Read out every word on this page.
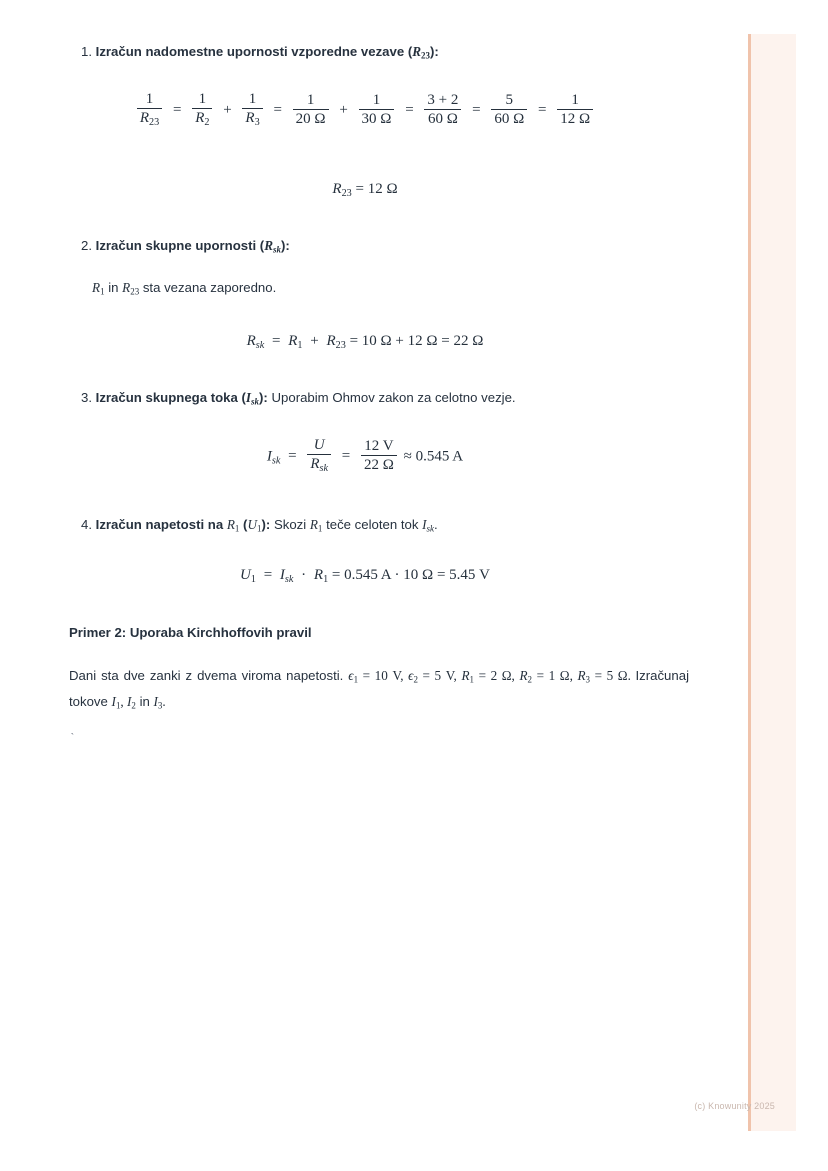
1. Izračun nadomestne upornosti vzporedne vezave (R23):
$\frac{1}{R23} = \frac{1}{R2} + \frac{1}{R3} = \frac{1}{20 \Omega} + \frac{1}{30 \Omega} = \frac{3 + 2}{60 \Omega} = \frac{5}{60 \Omega} = \frac{1}{12 \Omega}$
R23 = 12 Ω
2. Izračun skupne upornosti $(R_{sk})$:
R1 in R23 sta vezana zaporedno.
$R_{sk} = R1 + R23 = 10$ Ω + 12 Ω = 22 Ω
3. Izračun skupnega toka $(I_{sk})$: Uporabim Ohmov zakon za celotno vezje.
$I_{sk} = \frac{U}{R_{sk}} = \frac{12 V}{22 \Omega} \approx 0.545$ A
4. Izračun napetosti na R1 (U1): Skozi R1 teče celoten tok $I_{sk}$.
$U1 = I_{sk} \cdot R1 = 0.545$ A · 10 Ω = 5.45 V
Primer 2: Uporaba Kirchhoffovih pravil
Dani sta dve zanki z dvema viroma napetosti. ϵ1 = 10 V, ϵ2 = 5 V, R1 = 2 Ω, R2 = 1 Ω, R3 = 5 Ω. Izračunaj tokove I1, I2 in I3.
`
(c) Knowunity 2025
